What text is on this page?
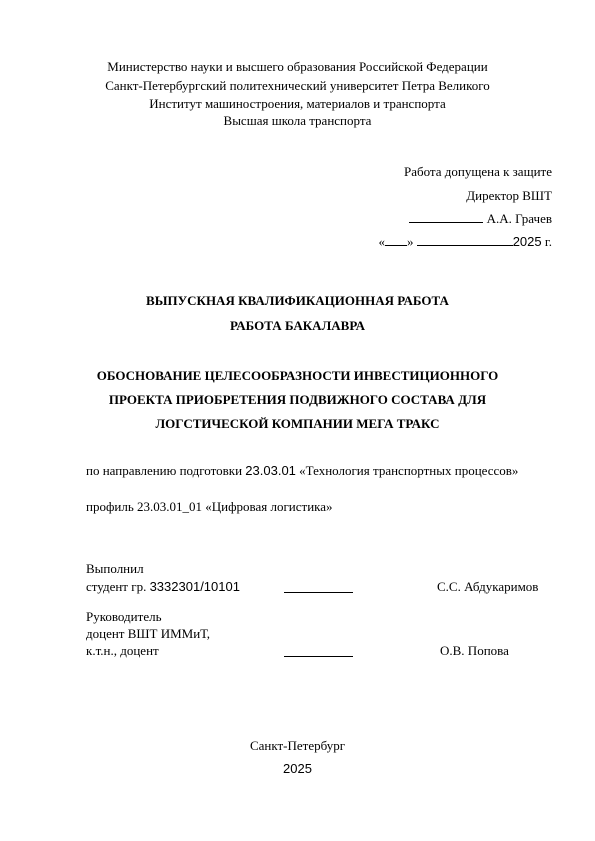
Министерство науки и высшего образования Российской Федерации
Санкт-Петербургский политехнический университет Петра Великого
Институт машиностроения, материалов и транспорта
Высшая школа транспорта
Работа допущена к защите
Директор ВШТ
А.А. Грачев
« »	2025 г.
ВЫПУСКНАЯ КВАЛИФИКАЦИОННАЯ РАБОТА
РАБОТА БАКАЛАВРА
ОБОСНОВАНИЕ ЦЕЛЕСООБРАЗНОСТИ ИНВЕСТИЦИОННОГО
ПРОЕКТА ПРИОБРЕТЕНИЯ ПОДВИЖНОГО СОСТАВА ДЛЯ
ЛОГСТИЧЕСКОЙ КОМПАНИИ МЕГА ТРАКС
по направлению подготовки 23.03.01 «Технология транспортных процессов»
профиль 23.03.01_01 «Цифровая логистика»
Выполнил
студент гр. 3332301/10101	С.С. Абдукаримов
Руководитель
доцент ВШТ ИММиТ,
к.т.н., доцент	О.В. Попова
Санкт-Петербург
2025
